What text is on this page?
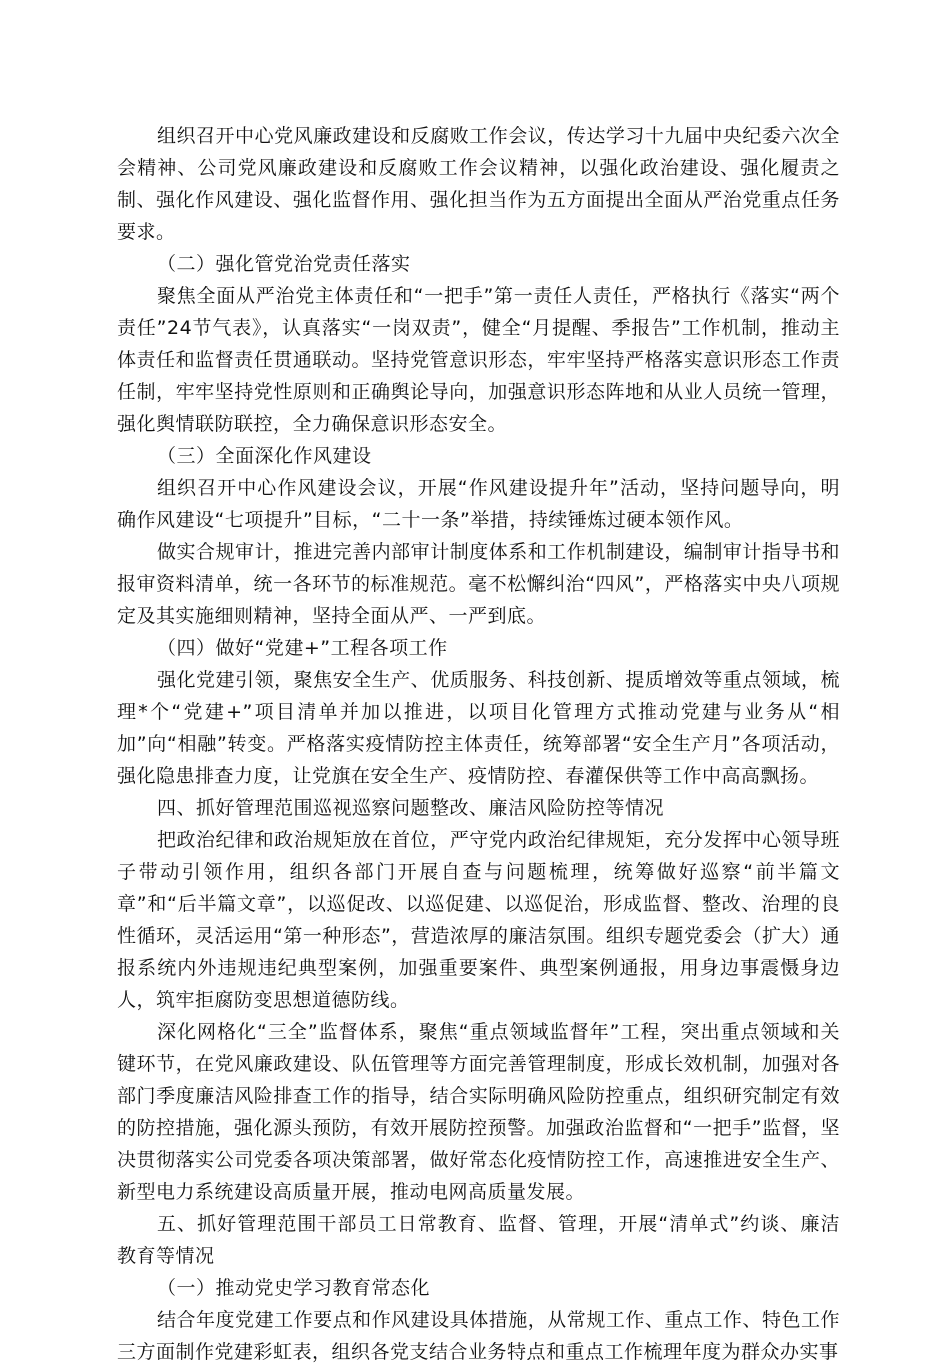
组织召开中心党风廉政建设和反腐败工作会议，传达学习十九届中央纪委六次全会精神、公司党风廉政建设和反腐败工作会议精神，以强化政治建设、强化履责之制、强化作风建设、强化监督作用、强化担当作为五方面提出全面从严治党重点任务要求。

（二）强化管党治党责任落实

聚焦全面从严治党主体责任和“一把手”第一责任人责任，严格执行《落实“两个责任”24节气表》，认真落实“一岗双责”，健全“月提醒、季报告”工作机制，推动主体责任和监督责任贯通联动。坚持党管意识形态，牢牢坚持严格落实意识形态工作责任制，牢牢坚持党性原则和正确舆论导向，加强意识形态阵地和从业人员统一管理，强化舆情联防联控，全力确保意识形态安全。

（三）全面深化作风建设

组织召开中心作风建设会议，开展“作风建设提升年”活动，坚持问题导向，明确作风建设“七项提升”目标，“二十一条”举措，持续锤炼过硬本领作风。

做实合规审计，推进完善内部审计制度体系和工作机制建设，编制审计指导书和报审资料清单，统一各环节的标准规范。毫不松懈纠治“四风”，严格落实中央八项规定及其实施细则精神，坚持全面从严、一严到底。

（四）做好“党建+”工程各项工作

强化党建引领，聚焦安全生产、优质服务、科技创新、提质增效等重点领域，梳理*个“党建+”项目清单并加以推进，以项目化管理方式推动党建与业务从“相加”向“相融”转变。严格落实疫情防控主体责任，统筹部署“安全生产月”各项活动，强化隐患排查力度，让党旗在安全生产、疫情防控、春灌保供等工作中高高飘扬。

四、抓好管理范围巡视巡察问题整改、廉洁风险防控等情况

把政治纪律和政治规矩放在首位，严守党内政治纪律规矩，充分发挥中心领导班子带动引领作用，组织各部门开展自查与问题梳理，统筹做好巡察“前半篇文章”和“后半篇文章”，以巡促改、以巡促建、以巡促治，形成监督、整改、治理的良性循环，灵活运用“第一种形态”，营造浓厚的廉洁氛围。组织专题党委会（扩大）通报系统内外违规违纪典型案例，加强重要案件、典型案例通报，用身边事震慑身边人，筑牢拒腐防变思想道德防线。

深化网格化“三全”监督体系，聚焦“重点领域监督年”工程，突出重点领域和关键环节，在党风廉政建设、队伍管理等方面完善管理制度，形成长效机制，加强对各部门季度廉洁风险排查工作的指导，结合实际明确风险防控重点，组织研究制定有效的防控措施，强化源头预防，有效开展防控预警。加强政治监督和“一把手”监督，坚决贯彻落实公司党委各项决策部署，做好常态化疫情防控工作，高速推进安全生产、新型电力系统建设高质量开展，推动电网高质量发展。

五、抓好管理范围干部员工日常教育、监督、管理，开展“清单式”约谈、廉洁教育等情况

（一）推动党史学习教育常态化

结合年度党建工作要点和作风建设具体措施，从常规工作、重点工作、特色工作三方面制作党建彩虹表，组织各党支结合业务特点和重点工作梳理年度为群众办实事
